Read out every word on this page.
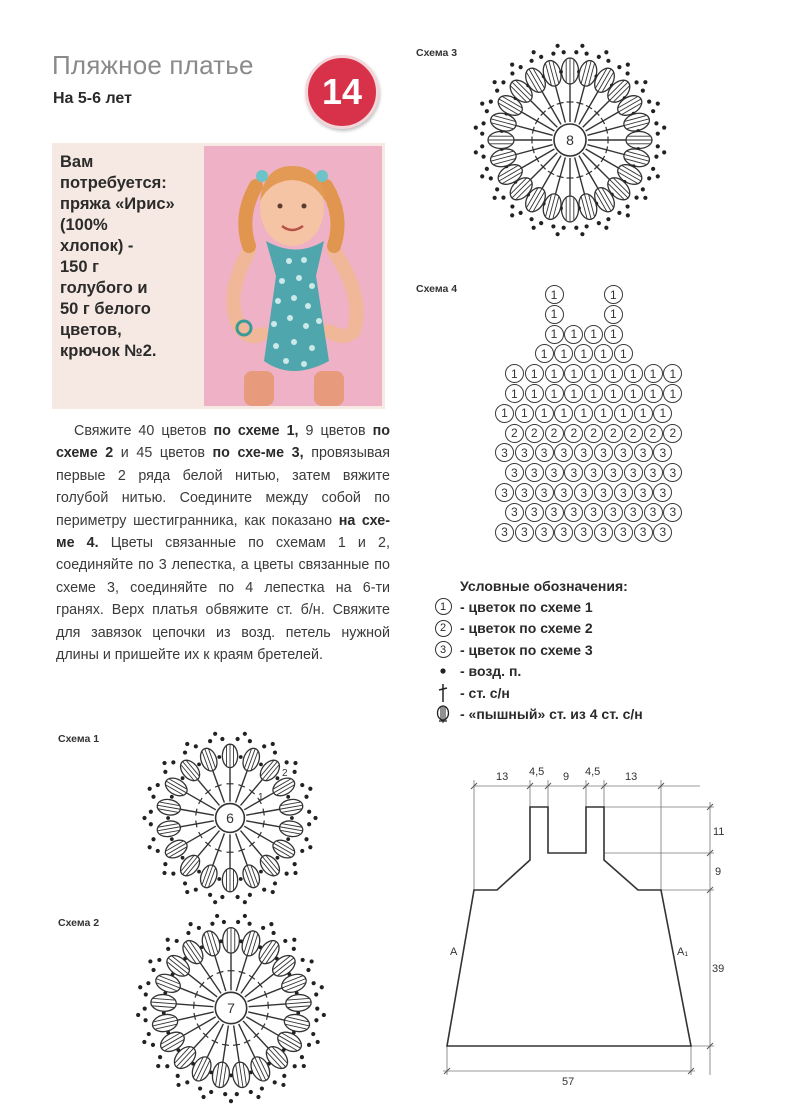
Пляжное платье
На 5-6 лет	14
Вам
потребуется:
пряжа «Ирис»
(100%
хлопок) -
150 г
голубого и
50 г белого
цветов,
крючок №2.
Свяжите 40 цветов по схеме 1, 9 цветов по схеме 2 и 45 цветов по схе-ме 3, провязывая первые 2 ряда белой нитью, затем вяжите голубой нитью. Соедините между собой по периметру шестигранника, как показано на схе-ме 4. Цветы связанные по схемам 1 и 2, соединяйте по 3 лепестка, а цветы связанные по схеме 3, соединяйте по 4 лепестка на 6-ти гранях. Верх платья обвяжите ст. б/н. Свяжите для завязок цепочки из возд. петель нужной длины и пришейте их к краям бретелей.
Схема 3
Схема 4
Схема 1
Схема 2
8
6
1
2
7
1	1
1	1
1	1	1	1
1	1	1	1	1
1	1	1	1	1	1	1	1	1
1	1	1	1	1	1	1	1	1
1	1	1	1	1	1	1	1	1
2	2	2	2	2	2	2	2	2
3	3	3	3	3	3	3	3	3
3	3	3	3	3	3	3	3	3
3	3	3	3	3	3	3	3	3
3	3	3	3	3	3	3	3	3
3	3	3	3	3	3	3	3	3
Условные обозначения:
1 - цветок по схеме 1
2 - цветок по схеме 2
3 - цветок по схеме 3
- возд. п.
- ст. с/н
- «пышный» ст. из 4 ст. с/н
13 4,5 9 4,5 13
11
9
39
57
A	A₁
